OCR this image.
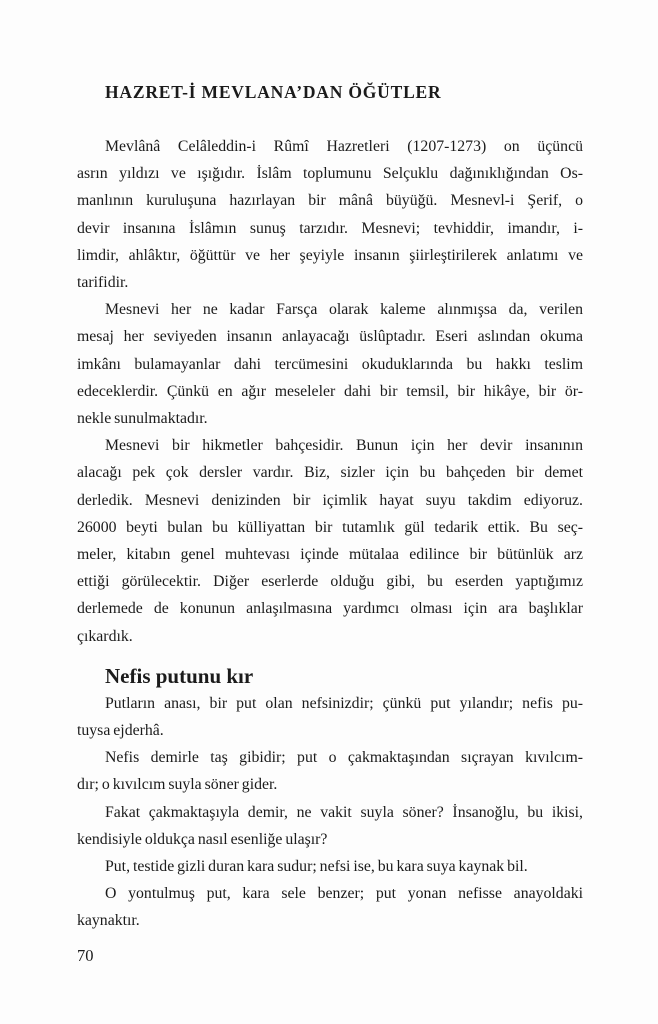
HAZRET-İ MEVLANA’DAN ÖĞÜTLER
Mevlânâ Celâleddin-i Rûmî Hazretleri (1207-1273) on üçüncü
asrın yıldızı ve ışığıdır. İslâm toplumunu Selçuklu dağınıklığından Os-
manlının kuruluşuna hazırlayan bir mânâ büyüğü. Mesnevl-i Şerif, o
devir insanına İslâmın sunuş tarzıdır. Mesnevi; tevhiddir, imandır, i-
limdir, ahlâktır, öğüttür ve her şeyiyle insanın şiirleştirilerek anlatımı ve
tarifidir.
Mesnevi her ne kadar Farsça olarak kaleme alınmışsa da, verilen
mesaj her seviyeden insanın anlayacağı üslûptadır. Eseri aslından okuma
imkânı bulamayanlar dahi tercümesini okuduklarında bu hakkı teslim
edeceklerdir. Çünkü en ağır meseleler dahi bir temsil, bir hikâye, bir ör-
nekle sunulmaktadır.
Mesnevi bir hikmetler bahçesidir. Bunun için her devir insanının
alacağı pek çok dersler vardır. Biz, sizler için bu bahçeden bir demet
derledik. Mesnevi denizinden bir içimlik hayat suyu takdim ediyoruz.
26000 beyti bulan bu külliyattan bir tutamlık gül tedarik ettik. Bu seç-
meler, kitabın genel muhtevası içinde mütalaa edilince bir bütünlük arz
ettiği görülecektir. Diğer eserlerde olduğu gibi, bu eserden yaptığımız
derlemede de konunun anlaşılmasına yardımcı olması için ara başlıklar
çıkardık.
Nefis putunu kır
Putların anası, bir put olan nefsinizdir; çünkü put yılandır; nefis pu-
tuysa ejderhâ.
Nefis demirle taş gibidir; put o çakmaktaşından sıçrayan kıvılcım-
dır; o kıvılcım suyla söner gider.
Fakat çakmaktaşıyla demir, ne vakit suyla söner? İnsanoğlu, bu ikisi,
kendisiyle oldukça nasıl esenliğe ulaşır?
Put, testide gizli duran kara sudur; nefsi ise, bu kara suya kaynak bil.
O yontulmuş put, kara sele benzer; put yonan nefisse anayoldaki
kaynaktır.
70
